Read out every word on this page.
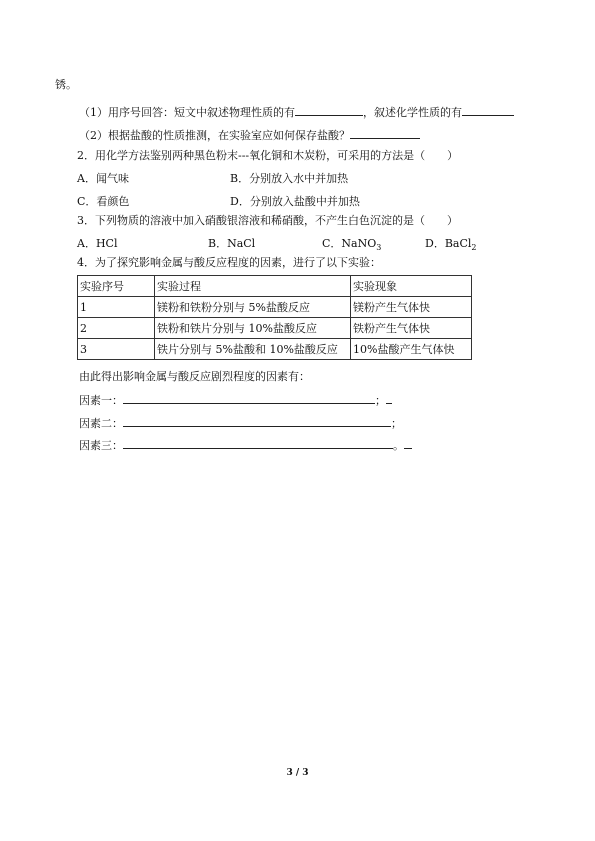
锈。
（1）用序号回答：短文中叙述物理性质的有	，叙述化学性质的有
（2）根据盐酸的性质推测，在实验室应如何保存盐酸？
2．用化学方法鉴别两种黑色粉末---氧化铜和木炭粉，可采用的方法是（　　）
A．闻气味	B．分别放入水中并加热
C．看颜色	D．分别放入盐酸中并加热
3．下列物质的溶液中加入硝酸银溶液和稀硝酸，不产生白色沉淀的是（　　）
A．HCl	B．NaCl	C．NaNO$_3$	D．BaCl$_2$
4．为了探究影响金属与酸反应程度的因素，进行了以下实验：
实验序号	实验过程	实验现象
1	镁粉和铁粉分别与 5%盐酸反应	镁粉产生气体快
2	铁粉和铁片分别与 10%盐酸反应	铁粉产生气体快
3	铁片分别与 5%盐酸和 10%盐酸反应	10%盐酸产生气体快
由此得出影响金属与酸反应剧烈程度的因素有：
因素一：	；
因素二：	；
因素三：	。
3 / 3
